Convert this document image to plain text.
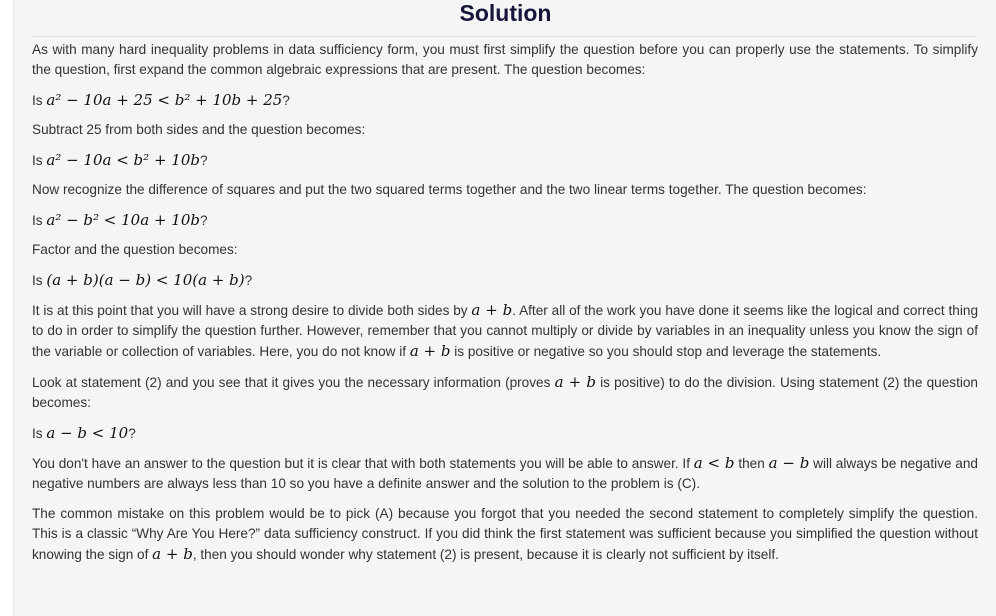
Solution

As with many hard inequality problems in data sufficiency form, you must first simplify the question before you can properly use the statements. To simplify the question, first expand the common algebraic expressions that are present. The question becomes:

Is a² − 10a + 25 < b² + 10b + 25?

Subtract 25 from both sides and the question becomes:

Is a² − 10a < b² + 10b?

Now recognize the difference of squares and put the two squared terms together and the two linear terms together. The question becomes:

Is a² − b² < 10a + 10b?

Factor and the question becomes:

Is (a + b)(a − b) < 10(a + b)?

It is at this point that you will have a strong desire to divide both sides by a + b. After all of the work you have done it seems like the logical and correct thing to do in order to simplify the question further. However, remember that you cannot multiply or divide by variables in an inequality unless you know the sign of the variable or collection of variables. Here, you do not know if a + b is positive or negative so you should stop and leverage the statements.

Look at statement (2) and you see that it gives you the necessary information (proves a + b is positive) to do the division. Using statement (2) the question becomes:

Is a − b < 10?

You don't have an answer to the question but it is clear that with both statements you will be able to answer. If a < b then a − b will always be negative and negative numbers are always less than 10 so you have a definite answer and the solution to the problem is (C).

The common mistake on this problem would be to pick (A) because you forgot that you needed the second statement to completely simplify the question. This is a classic “Why Are You Here?” data sufficiency construct. If you did think the first statement was sufficient because you simplified the question without knowing the sign of a + b, then you should wonder why statement (2) is present, because it is clearly not sufficient by itself.
